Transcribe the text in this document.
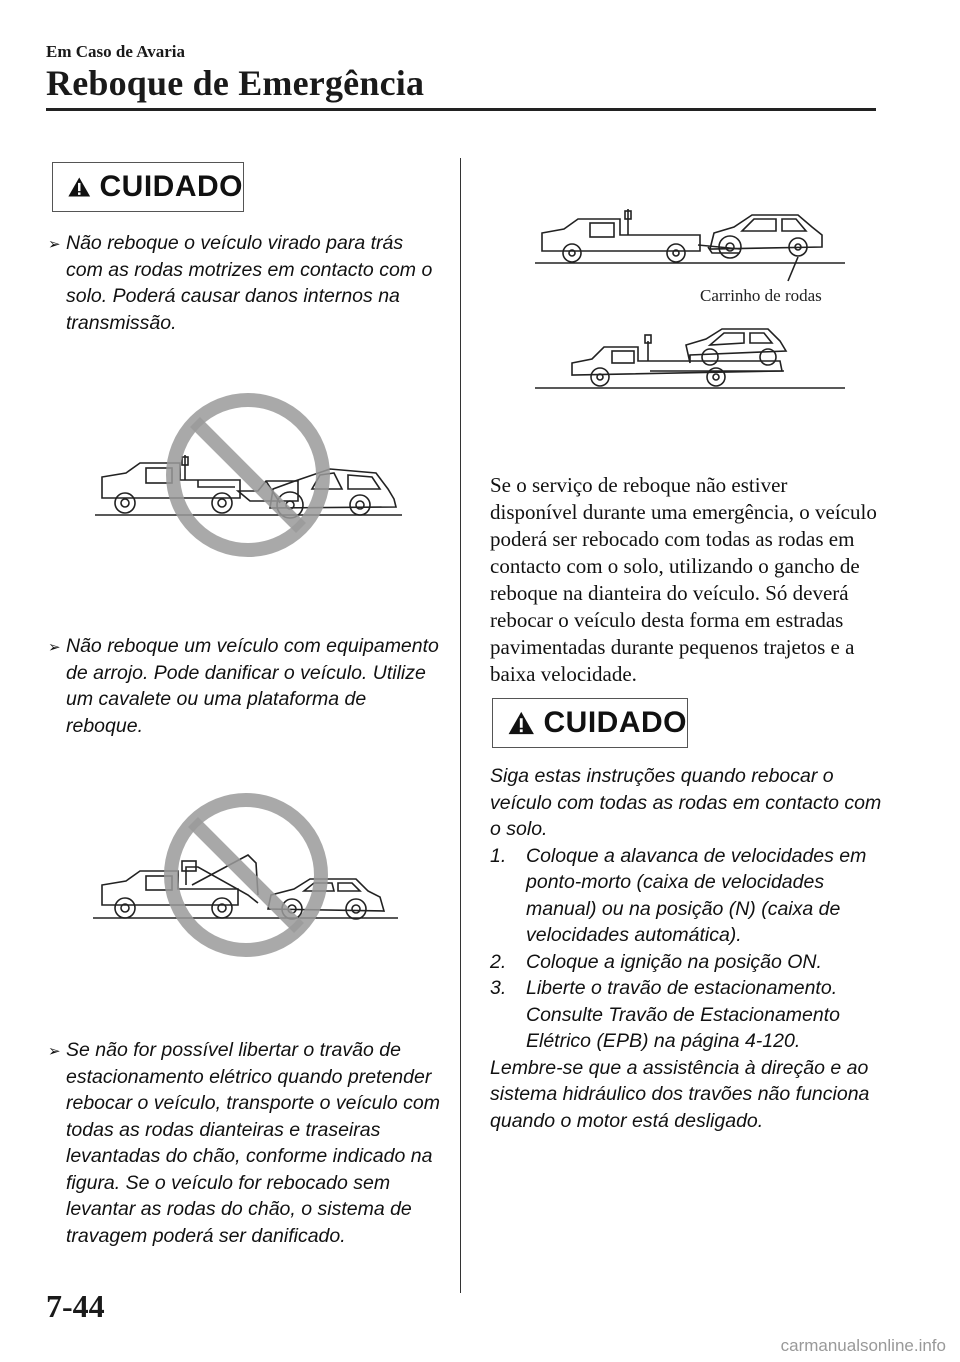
Em Caso de Avaria
Reboque de Emergência
CUIDADO
➢ Não reboque o veículo virado para trás com as rodas motrizes em contacto com o solo. Poderá causar danos internos na transmissão.
➢ Não reboque um veículo com equipamento de arrojo. Pode danificar o veículo. Utilize um cavalete ou uma plataforma de reboque.
➢ Se não for possível libertar o travão de estacionamento elétrico quando pretender rebocar o veículo, transporte o veículo com todas as rodas dianteiras e traseiras levantadas do chão, conforme indicado na figura. Se o veículo for rebocado sem levantar as rodas do chão, o sistema de travagem poderá ser danificado.
Carrinho de rodas
Se o serviço de reboque não estiver disponível durante uma emergência, o veículo poderá ser rebocado com todas as rodas em contacto com o solo, utilizando o gancho de reboque na dianteira do veículo. Só deverá rebocar o veículo desta forma em estradas pavimentadas durante pequenos trajetos e a baixa velocidade.
CUIDADO
Siga estas instruções quando rebocar o veículo com todas as rodas em contacto com o solo.
1.	Coloque a alavanca de velocidades em ponto-morto (caixa de velocidades manual) ou na posição (N) (caixa de velocidades automática).
2.	Coloque a ignição na posição ON.
3.	Liberte o travão de estacionamento. Consulte Travão de Estacionamento Elétrico (EPB) na página 4-120.
Lembre-se que a assistência à direção e ao sistema hidráulico dos travões não funciona quando o motor está desligado.
7-44
carmanualsonline.info
